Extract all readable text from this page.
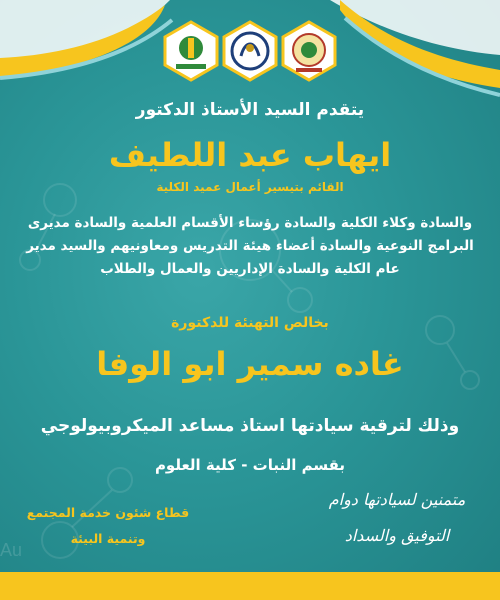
Au
يتقدم السيد الأستاذ الدكتور
ايهاب عبد اللطيف
القائم بتيسير أعمال عميد الكلية
والسادة وكلاء الكلية والسادة رؤساء الأقسام العلمية والسادة مديرى البرامج النوعية والسادة أعضاء هيئة التدريس ومعاونيهم والسيد مدير عام الكلية والسادة الإداريين والعمال والطلاب
بخالص التهنئة للدكتورة
غاده سمير ابو الوفا
وذلك لترقية سيادتها استاذ مساعد الميكروبيولوجي
بقسم النبات - كلية العلوم
متمنين لسيادتها دوام
التوفيق والسداد
قطاع شئون خدمة المجتمع
وتنمية البيئة
